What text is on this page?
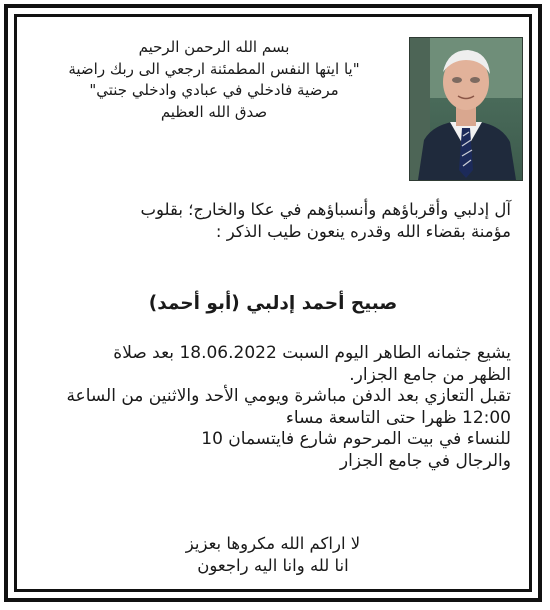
بسم الله الرحمن الرحيم
"يا ايتها النفس المطمئنة ارجعي الى ربك راضية
مرضية فادخلي في عبادي وادخلي جنتي"
صدق الله العظيم
آل إدلبي وأقرباؤهم وأنسباؤهم في عكا والخارج؛ بقلوب
مؤمنة بقضاء الله وقدره ينعون طيب الذكر :
صبيح أحمد إدلبي (أبو أحمد)
يشيع جثمانه الطاهر اليوم السبت 18.06.2022 بعد صلاة
الظهر من جامع الجزار.
تقبل التعازي بعد الدفن مباشرة ويومي الأحد والاثنين من الساعة
12:00 ظهرا حتى التاسعة مساء
للنساء في بيت المرحوم شارع فايتسمان 10
والرجال في جامع الجزار
لا اراكم الله مكروها بعزيز
انا لله وانا اليه راجعون
